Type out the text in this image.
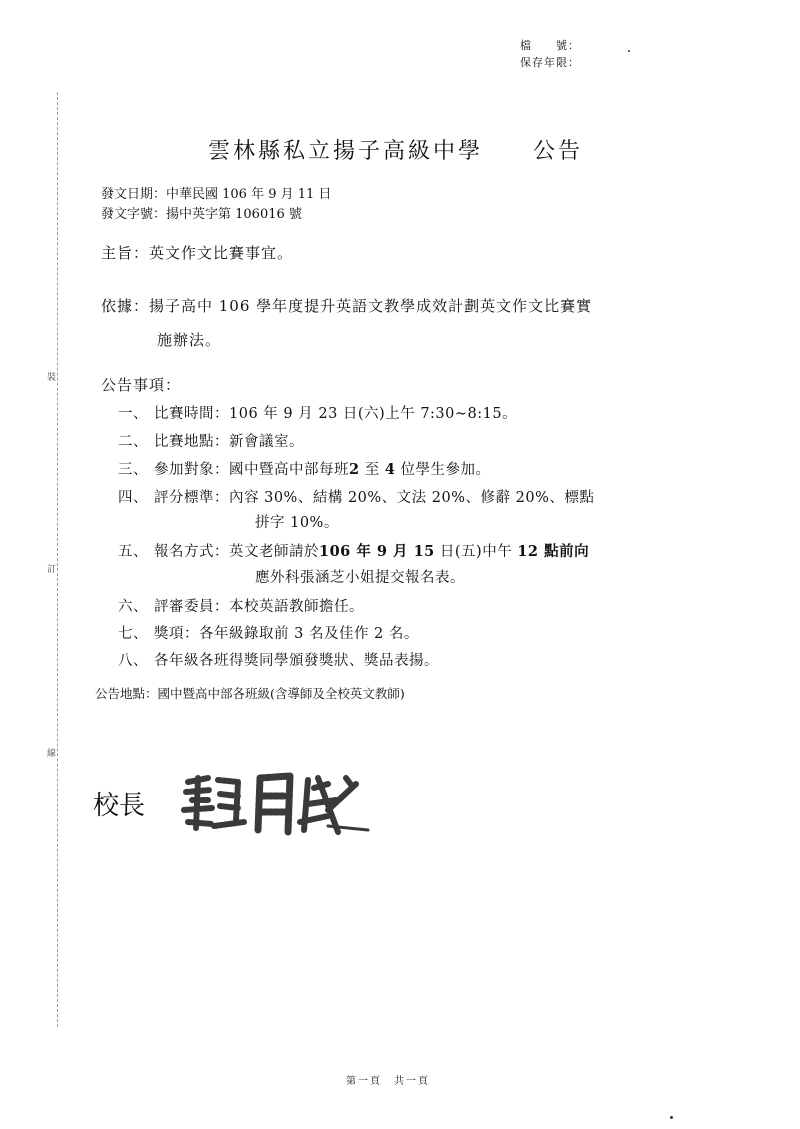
檔　　號：
保存年限：
裝
訂
線
雲林縣私立揚子高級中學　　公告
發文日期：中華民國 106 年 9 月 11 日
發文字號：揚中英字第 106016 號
主旨：英文作文比賽事宜。
依據：揚子高中 106 學年度提升英語文教學成效計劃英文作文比賽實
施辦法。
公告事項：
一、 比賽時間：106 年 9 月 23 日(六)上午 7:30~8:15。
二、 比賽地點：新會議室。
三、 參加對象：國中暨高中部每班2 至 4 位學生參加。
四、 評分標準：內容 30%、結構 20%、文法 20%、修辭 20%、標點
拼字 10%。
五、 報名方式：英文老師請於106 年 9 月 15 日(五)中午 12 點前向
應外科張涵芝小姐提交報名表。
六、 評審委員：本校英語教師擔任。
七、 獎項：各年級錄取前 3 名及佳作 2 名。
八、 各年級各班得獎同學頒發獎狀、獎品表揚。
公告地點：國中暨高中部各班級(含導師及全校英文教師)
校長
第一頁　共一頁
